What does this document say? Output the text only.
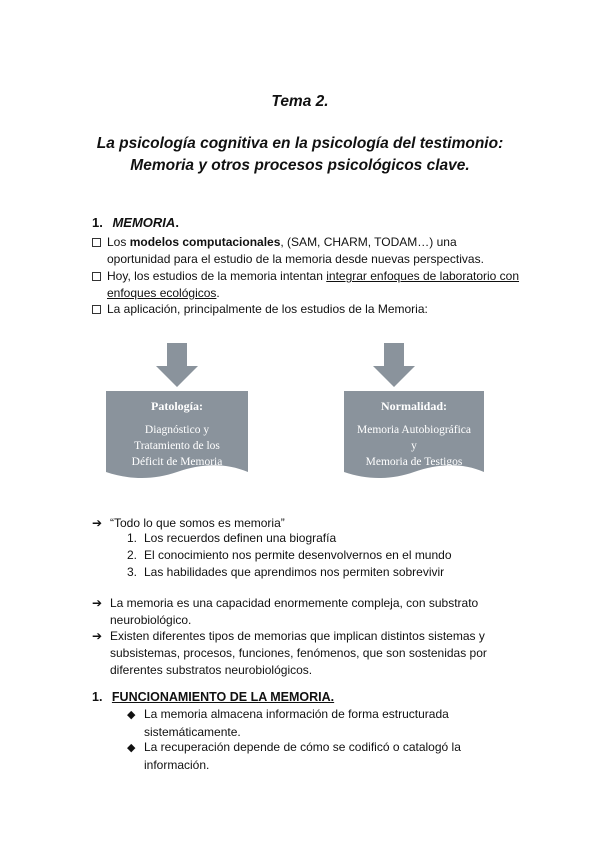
Tema 2.
La psicología cognitiva en la psicología del testimonio:
Memoria y otros procesos psicológicos clave.
1. MEMORIA.
Los modelos computacionales, (SAM, CHARM, TODAM…) una
oportunidad para el estudio de la memoria desde nuevas perspectivas.
Hoy, los estudios de la memoria intentan integrar enfoques de laboratorio con
enfoques ecológicos.
La aplicación, principalmente de los estudios de la Memoria:
Patología:
Diagnóstico y
Tratamiento de los
Déficit de Memoria
Normalidad:
Memoria Autobiográfica
y
Memoria de Testigos
➔ “Todo lo que somos es memoria”
1. Los recuerdos definen una biografía
2. El conocimiento nos permite desenvolvernos en el mundo
3. Las habilidades que aprendimos nos permiten sobrevivir
➔ La memoria es una capacidad enormemente compleja, con substrato
neurobiológico.
➔ Existen diferentes tipos de memorias que implican distintos sistemas y
subsistemas, procesos, funciones, fenómenos, que son sostenidas por
diferentes substratos neurobiológicos.
1. FUNCIONAMIENTO DE LA MEMORIA.
◆ La memoria almacena información de forma estructurada
sistemáticamente.
◆ La recuperación depende de cómo se codificó o catalogó la
información.
